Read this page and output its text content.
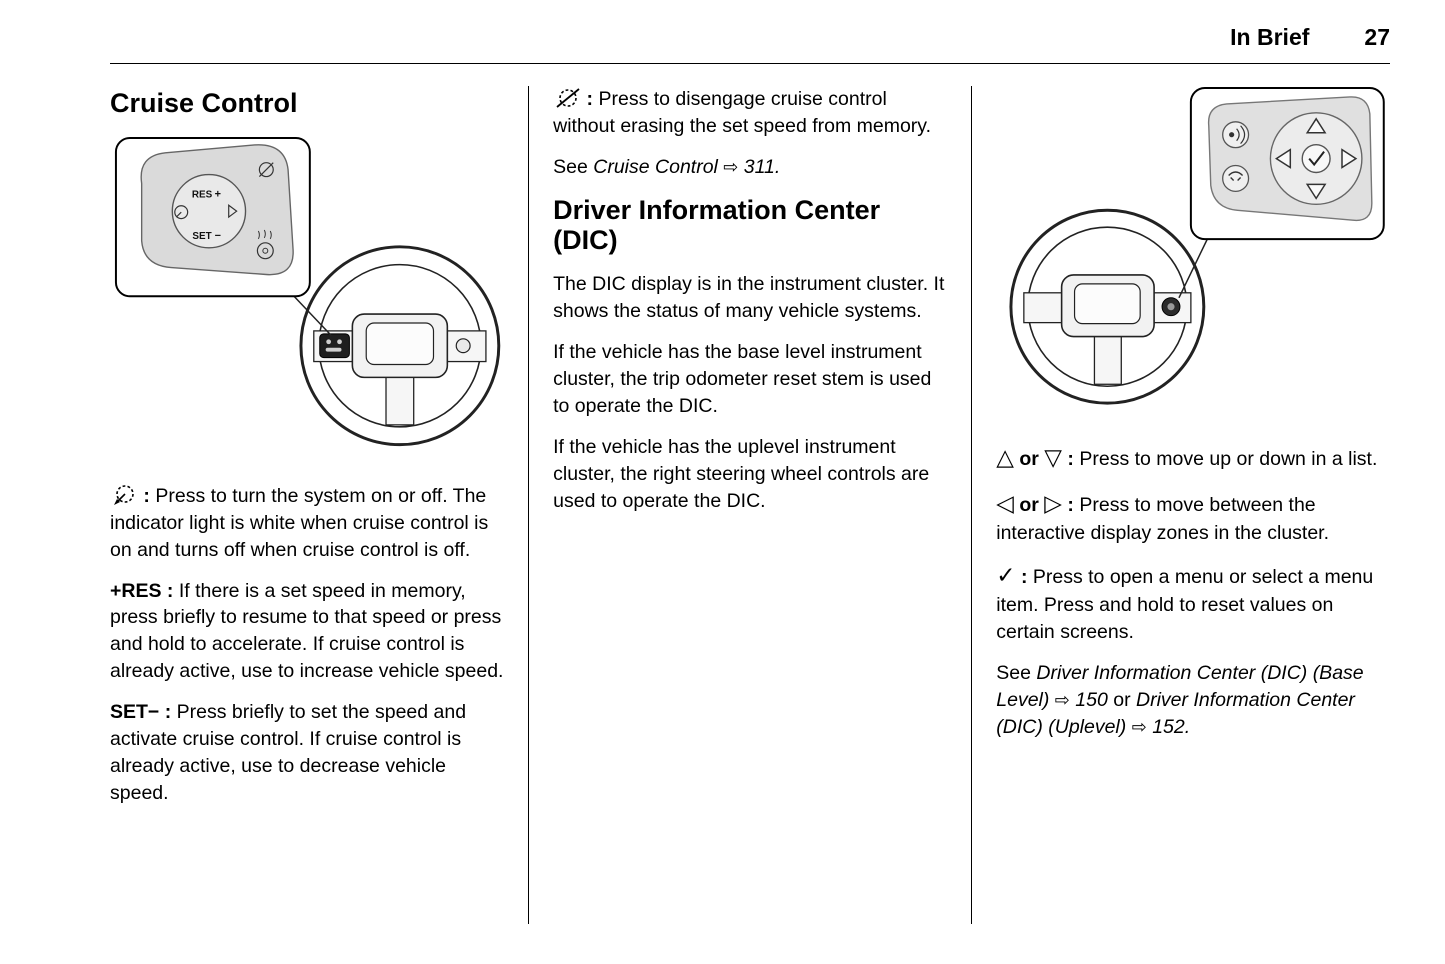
In Brief 27
Cruise Control
RES +
SET −

: Press to turn the system on or off. The indicator light is white when cruise control is on and turns off when cruise control is off.

+RES : If there is a set speed in memory, press briefly to resume to that speed or press and hold to accelerate. If cruise control is already active, use to increase vehicle speed.

SET− : Press briefly to set the speed and activate cruise control. If cruise control is already active, use to decrease vehicle speed.

: Press to disengage cruise control without erasing the set speed from memory.

See Cruise Control ⇨ 311.

Driver Information Center (DIC)

The DIC display is in the instrument cluster. It shows the status of many vehicle systems.

If the vehicle has the base level instrument cluster, the trip odometer reset stem is used to operate the DIC.

If the vehicle has the uplevel instrument cluster, the right steering wheel controls are used to operate the DIC.

△ or ▽ : Press to move up or down in a list.

◁ or ▷ : Press to move between the interactive display zones in the cluster.

✓ : Press to open a menu or select a menu item. Press and hold to reset values on certain screens.

See Driver Information Center (DIC) (Base Level) ⇨ 150 or Driver Information Center (DIC) (Uplevel) ⇨ 152.
